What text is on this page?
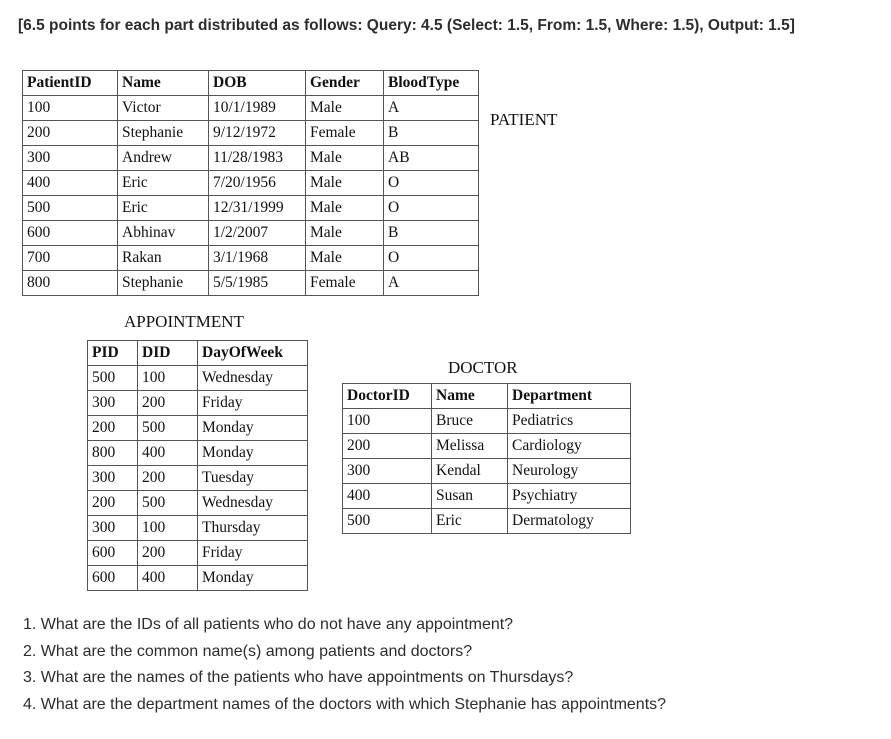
[6.5 points for each part distributed as follows: Query: 4.5 (Select: 1.5, From: 1.5, Where: 1.5), Output: 1.5]
PatientID	Name	DOB	Gender	BloodType
100	Victor	10/1/1989	Male	A
200	Stephanie	9/12/1972	Female	B
300	Andrew	11/28/1983	Male	AB
400	Eric	7/20/1956	Male	O
500	Eric	12/31/1999	Male	O
600	Abhinav	1/2/2007	Male	B
700	Rakan	3/1/1968	Male	O
800	Stephanie	5/5/1985	Female	A
PATIENT
APPOINTMENT
PID	DID	DayOfWeek
500	100	Wednesday
300	200	Friday
200	500	Monday
800	400	Monday
300	200	Tuesday
200	500	Wednesday
300	100	Thursday
600	200	Friday
600	400	Monday
DOCTOR
DoctorID	Name	Department
100	Bruce	Pediatrics
200	Melissa	Cardiology
300	Kendal	Neurology
400	Susan	Psychiatry
500	Eric	Dermatology
1. What are the IDs of all patients who do not have any appointment?
2. What are the common name(s) among patients and doctors?
3. What are the names of the patients who have appointments on Thursdays?
4. What are the department names of the doctors with which Stephanie has appointments?
